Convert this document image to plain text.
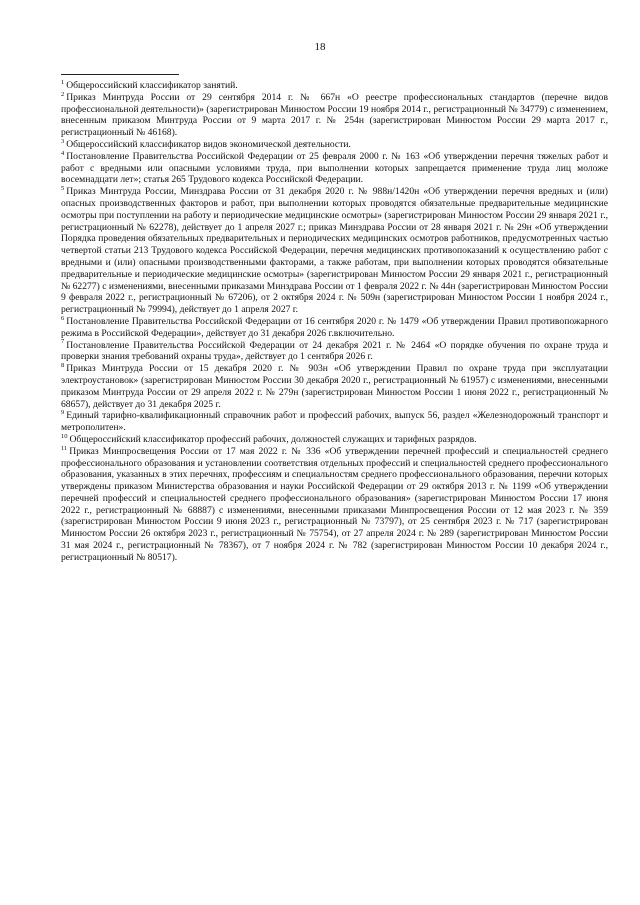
18

$^1$ Общероссийский классификатор занятий.

$^2$ Приказ Минтруда России от 29 сентября 2014 г. № 667н «О реестре профессиональных стандартов (перечне видов профессиональной деятельности)» (зарегистрирован Минюстом России 19 ноября 2014 г., регистрационный № 34779) с изменением, внесенным приказом Минтруда России от 9 марта 2017 г. № 254н (зарегистрирован Минюстом России 29 марта 2017 г., регистрационный № 46168).

$^3$ Общероссийский классификатор видов экономической деятельности.

$^4$ Постановление Правительства Российской Федерации от 25 февраля 2000 г. № 163 «Об утверждении перечня тяжелых работ и работ с вредными или опасными условиями труда, при выполнении которых запрещается применение труда лиц моложе восемнадцати лет»; статья 265 Трудового кодекса Российской Федерации.

$^5$ Приказ Минтруда России, Минздрава России от 31 декабря 2020 г. № 988н/1420н «Об утверждении перечня вредных и (или) опасных производственных факторов и работ, при выполнении которых проводятся обязательные предварительные медицинские осмотры при поступлении на работу и периодические медицинские осмотры» (зарегистрирован Минюстом России 29 января 2021 г., регистрационный № 62278), действует до 1 апреля 2027 г.; приказ Минздрава России от 28 января 2021 г. № 29н «Об утверждении Порядка проведения обязательных предварительных и периодических медицинских осмотров работников, предусмотренных частью четвертой статьи 213 Трудового кодекса Российской Федерации, перечня медицинских противопоказаний к осуществлению работ с вредными и (или) опасными производственными факторами, а также работам, при выполнении которых проводятся обязательные предварительные и периодические медицинские осмотры» (зарегистрирован Минюстом России 29 января 2021 г., регистрационный № 62277) с изменениями, внесенными приказами Минздрава России от 1 февраля 2022 г. № 44н (зарегистрирован Минюстом России 9 февраля 2022 г., регистрационный № 67206), от 2 октября 2024 г. № 509н (зарегистрирован Минюстом России 1 ноября 2024 г., регистрационный № 79994), действует до 1 апреля 2027 г.

$^6$ Постановление Правительства Российской Федерации от 16 сентября 2020 г. № 1479 «Об утверждении Правил противопожарного режима в Российской Федерации», действует до 31 декабря 2026 г.включительно.

$^7$ Постановление Правительства Российской Федерации от 24 декабря 2021 г. № 2464 «О порядке обучения по охране труда и проверки знания требований охраны труда», действует до 1 сентября 2026 г.

$^8$ Приказ Минтруда России от 15 декабря 2020 г. № 903н «Об утверждении Правил по охране труда при эксплуатации электроустановок» (зарегистрирован Минюстом России 30 декабря 2020 г., регистрационный № 61957) с изменениями, внесенными приказом Минтруда России от 29 апреля 2022 г. № 279н (зарегистрирован Минюстом России 1 июня 2022 г., регистрационный № 68657), действует до 31 декабря 2025 г.

$^9$ Единый тарифно-квалификационный справочник работ и профессий рабочих, выпуск 56, раздел «Железнодорожный транспорт и метрополитен».

$^{10}$ Общероссийский классификатор профессий рабочих, должностей служащих и тарифных разрядов.

$^{11}$ Приказ Минпросвещения России от 17 мая 2022 г. № 336 «Об утверждении перечней профессий и специальностей среднего профессионального образования и установлении соответствия отдельных профессий и специальностей среднего профессионального образования, указанных в этих перечнях, профессиям и специальностям среднего профессионального образования, перечни которых утверждены приказом Министерства образования и науки Российской Федерации от 29 октября 2013 г. № 1199 «Об утверждении перечней профессий и специальностей среднего профессионального образования» (зарегистрирован Минюстом России 17 июня 2022 г., регистрационный № 68887) с изменениями, внесенными приказами Минпросвещения России от 12 мая 2023 г. № 359 (зарегистрирован Минюстом России 9 июня 2023 г., регистрационный № 73797), от 25 сентября 2023 г. № 717 (зарегистрирован Минюстом России 26 октября 2023 г., регистрационный № 75754), от 27 апреля 2024 г. № 289 (зарегистрирован Минюстом России 31 мая 2024 г., регистрационный № 78367), от 7 ноября 2024 г. № 782 (зарегистрирован Минюстом России 10 декабря 2024 г., регистрационный № 80517).
